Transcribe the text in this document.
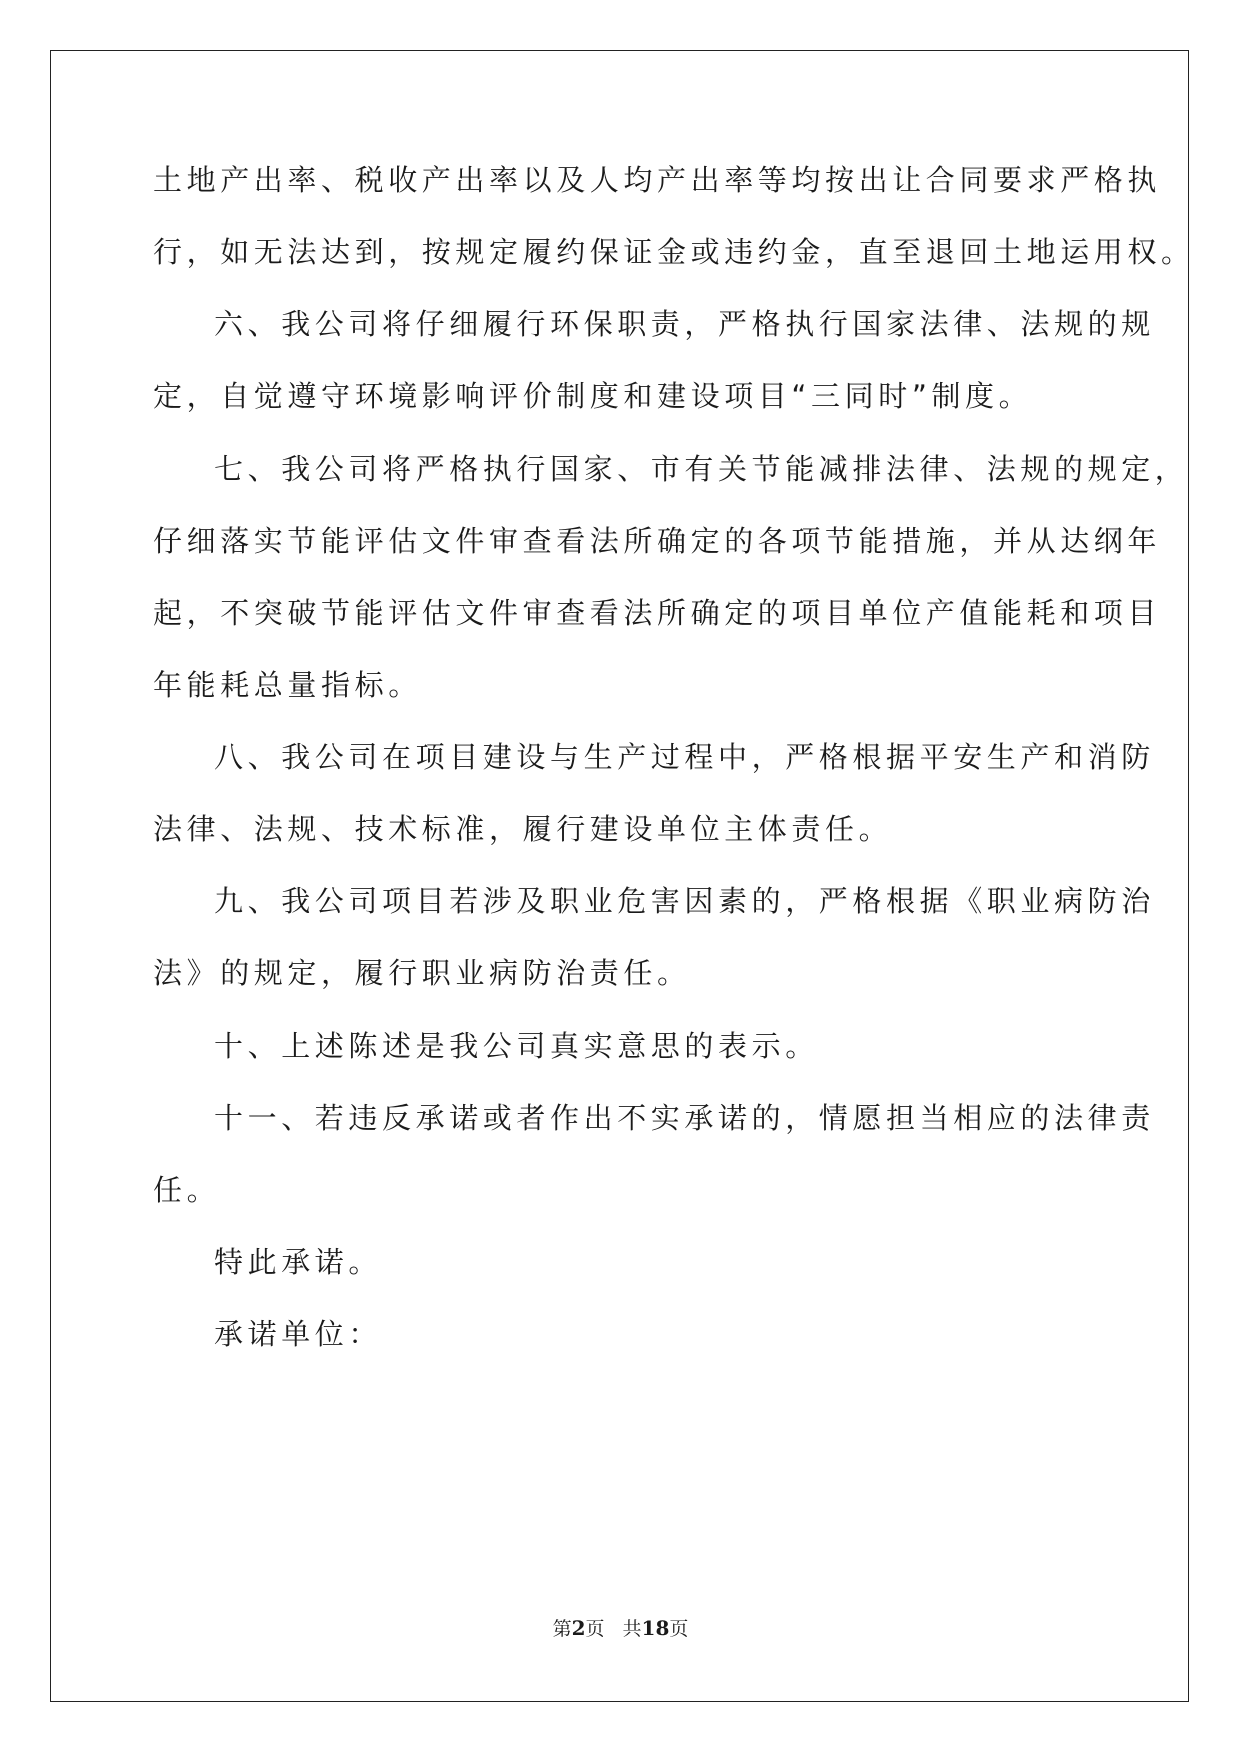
土地产出率、税收产出率以及人均产出率等均按出让合同要求严格执
行，如无法达到，按规定履约保证金或违约金，直至退回土地运用权。
六、我公司将仔细履行环保职责，严格执行国家法律、法规的规
定，自觉遵守环境影响评价制度和建设项目“三同时”制度。
七、我公司将严格执行国家、市有关节能减排法律、法规的规定，
仔细落实节能评估文件审查看法所确定的各项节能措施，并从达纲年
起，不突破节能评估文件审查看法所确定的项目单位产值能耗和项目
年能耗总量指标。
八、我公司在项目建设与生产过程中，严格根据平安生产和消防
法律、法规、技术标准，履行建设单位主体责任。
九、我公司项目若涉及职业危害因素的，严格根据《职业病防治
法》的规定，履行职业病防治责任。
十、上述陈述是我公司真实意思的表示。
十一、若违反承诺或者作出不实承诺的，情愿担当相应的法律责
任。
特此承诺。
承诺单位：
第2页 共18页
